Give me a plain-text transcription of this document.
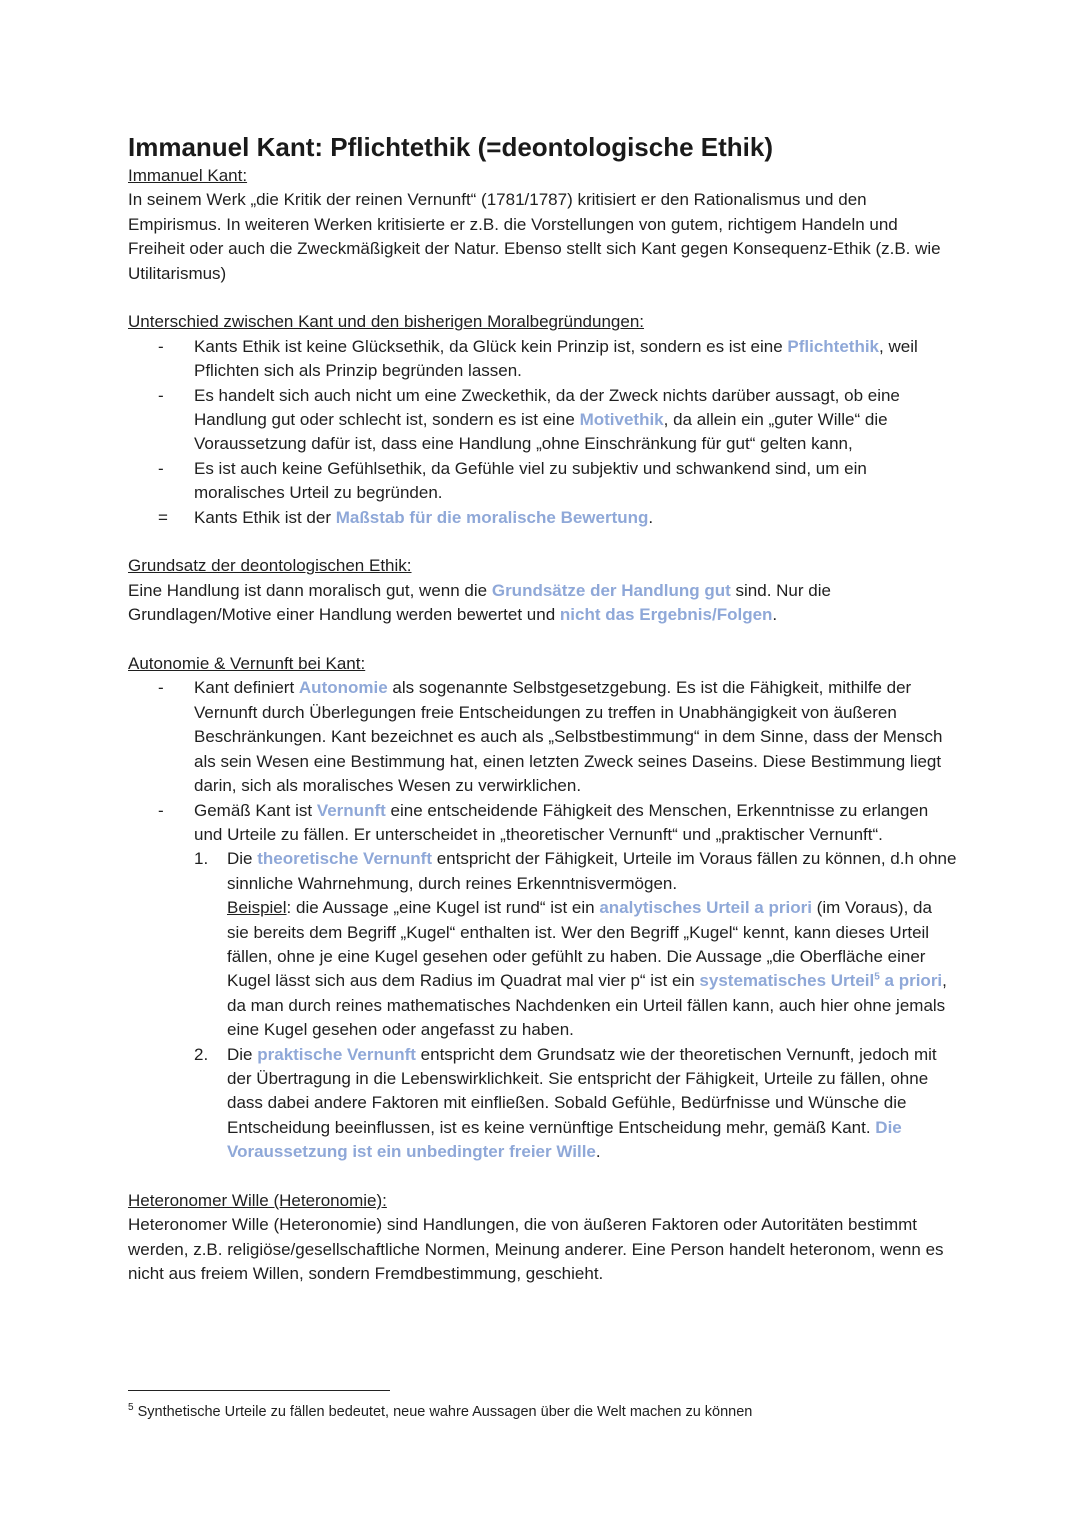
Immanuel Kant: Pflichtethik (=deontologische Ethik)

Immanuel Kant:

In seinem Werk „die Kritik der reinen Vernunft“ (1781/1787) kritisiert er den Rationalismus und den Empirismus. In weiteren Werken kritisierte er z.B. die Vorstellungen von gutem, richtigem Handeln und Freiheit oder auch die Zweckmäßigkeit der Natur. Ebenso stellt sich Kant gegen Konsequenz-Ethik (z.B. wie Utilitarismus)

Unterschied zwischen Kant und den bisherigen Moralbegründungen:

-	Kants Ethik ist keine Glücksethik, da Glück kein Prinzip ist, sondern es ist eine Pflichtethik, weil Pflichten sich als Prinzip begründen lassen.
-	Es handelt sich auch nicht um eine Zweckethik, da der Zweck nichts darüber aussagt, ob eine Handlung gut oder schlecht ist, sondern es ist eine Motivethik, da allein ein „guter Wille“ die Voraussetzung dafür ist, dass eine Handlung „ohne Einschränkung für gut“ gelten kann,
-	Es ist auch keine Gefühlsethik, da Gefühle viel zu subjektiv und schwankend sind, um ein moralisches Urteil zu begründen.
=	Kants Ethik ist der Maßstab für die moralische Bewertung.

Grundsatz der deontologischen Ethik:

Eine Handlung ist dann moralisch gut, wenn die Grundsätze der Handlung gut sind. Nur die Grundlagen/Motive einer Handlung werden bewertet und nicht das Ergebnis/Folgen.

Autonomie & Vernunft bei Kant:

-	Kant definiert Autonomie als sogenannte Selbstgesetzgebung. Es ist die Fähigkeit, mithilfe der Vernunft durch Überlegungen freie Entscheidungen zu treffen in Unabhängigkeit von äußeren Beschränkungen. Kant bezeichnet es auch als „Selbstbestimmung“ in dem Sinne, dass der Mensch als sein Wesen eine Bestimmung hat, einen letzten Zweck seines Daseins. Diese Bestimmung liegt darin, sich als moralisches Wesen zu verwirklichen.
-	Gemäß Kant ist Vernunft eine entscheidende Fähigkeit des Menschen, Erkenntnisse zu erlangen und Urteile zu fällen. Er unterscheidet in „theoretischer Vernunft“ und „praktischer Vernunft“.
1. Die theoretische Vernunft entspricht der Fähigkeit, Urteile im Voraus fällen zu können, d.h ohne sinnliche Wahrnehmung, durch reines Erkenntnisvermögen.
Beispiel: die Aussage „eine Kugel ist rund“ ist ein analytisches Urteil a priori (im Voraus), da sie bereits dem Begriff „Kugel“ enthalten ist. Wer den Begriff „Kugel“ kennt, kann dieses Urteil fällen, ohne je eine Kugel gesehen oder gefühlt zu haben. Die Aussage „die Oberfläche einer Kugel lässt sich aus dem Radius im Quadrat mal vier p“ ist ein systematisches Urteil$^5$ a priori, da man durch reines mathematisches Nachdenken ein Urteil fällen kann, auch hier ohne jemals eine Kugel gesehen oder angefasst zu haben.
2. Die praktische Vernunft entspricht dem Grundsatz wie der theoretischen Vernunft, jedoch mit der Übertragung in die Lebenswirklichkeit. Sie entspricht der Fähigkeit, Urteile zu fällen, ohne dass dabei andere Faktoren mit einfließen. Sobald Gefühle, Bedürfnisse und Wünsche die Entscheidung beeinflussen, ist es keine vernünftige Entscheidung mehr, gemäß Kant. Die Voraussetzung ist ein unbedingter freier Wille.

Heteronomer Wille (Heteronomie):

Heteronomer Wille (Heteronomie) sind Handlungen, die von äußeren Faktoren oder Autoritäten bestimmt werden, z.B. religiöse/gesellschaftliche Normen, Meinung anderer. Eine Person handelt heteronom, wenn es nicht aus freiem Willen, sondern Fremdbestimmung, geschieht.

$^5$ Synthetische Urteile zu fällen bedeutet, neue wahre Aussagen über die Welt machen zu können
